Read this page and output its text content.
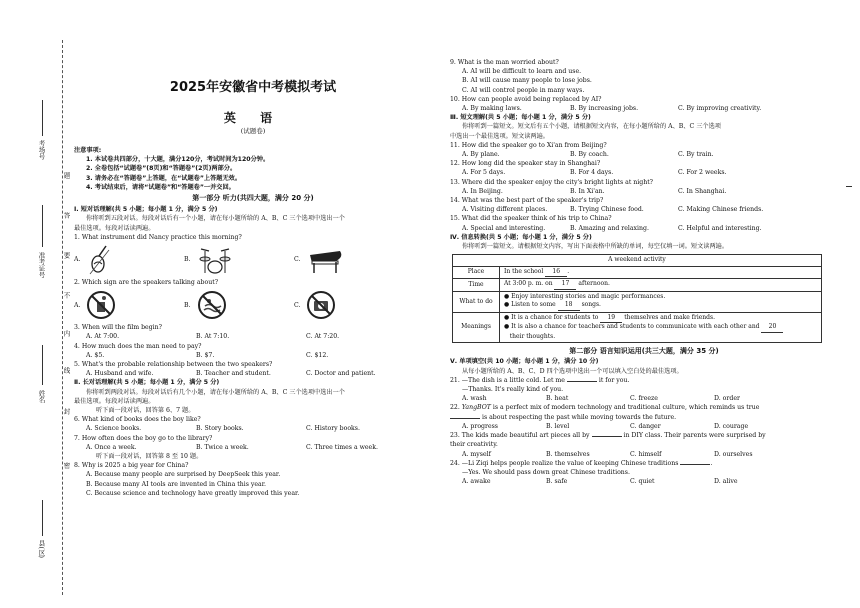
考场号
准考证号
姓名
县(区)
密
封
线
内
不
要
答
题
2025年安徽省中考模拟考试
英 语
(试题卷)
注意事项:
1. 本试卷共四部分，十大题，满分120分，考试时间为120分钟。
2. 全卷包括“试题卷”(8页)和“答题卷”(2页)两部分。
3. 请务必在“答题卷”上答题，在“试题卷”上答题无效。
4. 考试结束后，请将“试题卷”和“答题卷”一并交回。
第一部分 听力(共四大题，满分 20 分)
Ⅰ. 短对话理解(共 5 小题；每小题 1 分，满分 5 分)
你将听到五段对话。每段对话后有一个小题，请在每小题所给的 A、B、C 三个选项中选出一个
最佳选项。每段对话读两遍。
1. What instrument did Nancy practice this morning?
A.	B.	C.
2. Which sign are the speakers talking about?
A.	B.	C.
3. When will the film begin?
A. At 7:00.	B. At 7:10.	C. At 7:20.
4. How much does the man need to pay?
A. $5.	B. $7.	C. $12.
5. What's the probable relationship between the two speakers?
A. Husband and wife.	B. Teacher and student.	C. Doctor and patient.
Ⅱ. 长对话理解(共 5 小题；每小题 1 分，满分 5 分)
你将听到两段对话。每段对话后有几个小题，请在每小题所给的 A、B、C 三个选项中选出一个
最佳选项。每段对话读两遍。
听下面一段对话，回答第 6、7 题。
6. What kind of books does the boy like?
A. Science books.	B. Story books.	C. History books.
7. How often does the boy go to the library?
A. Once a week.	B. Twice a week.	C. Three times a week.
听下面一段对话，回答第 8 至 10 题。
8. Why is 2025 a big year for China?
A. Because many people are surprised by DeepSeek this year.
B. Because many AI tools are invented in China this year.
C. Because science and technology have greatly improved this year.
9. What is the man worried about?
A. AI will be difficult to learn and use.
B. AI will cause many people to lose jobs.
C. AI will control people in many ways.
10. How can people avoid being replaced by AI?
A. By making laws.	B. By increasing jobs.	C. By improving creativity.
Ⅲ. 短文理解(共 5 小题；每小题 1 分，满分 5 分)
你将听到一篇短文。短文后有五个小题，请根据短文内容，在每小题所给的 A、B、C 三个选项
中选出一个最佳选项。短文读两遍。
11. How did the speaker go to Xi'an from Beijing?
A. By plane.	B. By coach.	C. By train.
12. How long did the speaker stay in Shanghai?
A. For 5 days.	B. For 4 days.	C. For 2 weeks.
13. Where did the speaker enjoy the city's bright lights at night?
A. In Beijing.	B. In Xi'an.	C. In Shanghai.
14. What was the best part of the speaker's trip?
A. Visiting different places.	B. Trying Chinese food.	C. Making Chinese friends.
15. What did the speaker think of his trip to China?
A. Special and interesting.	B. Amazing and relaxing.	C. Helpful and interesting.
Ⅳ. 信息转换(共 5 小题；每小题 1 分，满分 5 分)
你将听到一篇短文。请根据短文内容，写出下面表格中所缺的单词，每空仅填一词。短文读两遍。
A weekend activity	
Place	In the school 16 .
Time	At 3:00 p. m. on 17 afternoon.
What to do	● Enjoy interesting stories and magic performances.
● Listen to some 18 songs.
Meanings	● It is a chance for students to 19 themselves and make friends.
● It is also a chance for teachers and students to communicate with each other and 20
their thoughts.
第二部分 语言知识运用(共三大题，满分 35 分)
Ⅴ. 单项填空(共 10 小题；每小题 1 分，满分 10 分)
从每小题所给的 A、B、C、D 四个选项中选出一个可以填入空白处的最佳选项。
21. —The dish is a little cold. Let me	it for you.
—Thanks. It's really kind of you.
A. wash	B. heat	C. freeze	D. order
22. YangBOT is a perfect mix of modern technology and traditional culture, which reminds us true
is about respecting the past while moving towards the future.
A. progress	B. level	C. danger	D. courage
23. The kids made beautiful art pieces all by	in DIY class. Their parents were surprised by
their creativity.
A. myself	B. themselves	C. himself	D. ourselves
24. —Li Ziqi helps people realize the value of keeping Chinese traditions	.
—Yes. We should pass down great Chinese traditions.
A. awake	B. safe	C. quiet	D. alive
